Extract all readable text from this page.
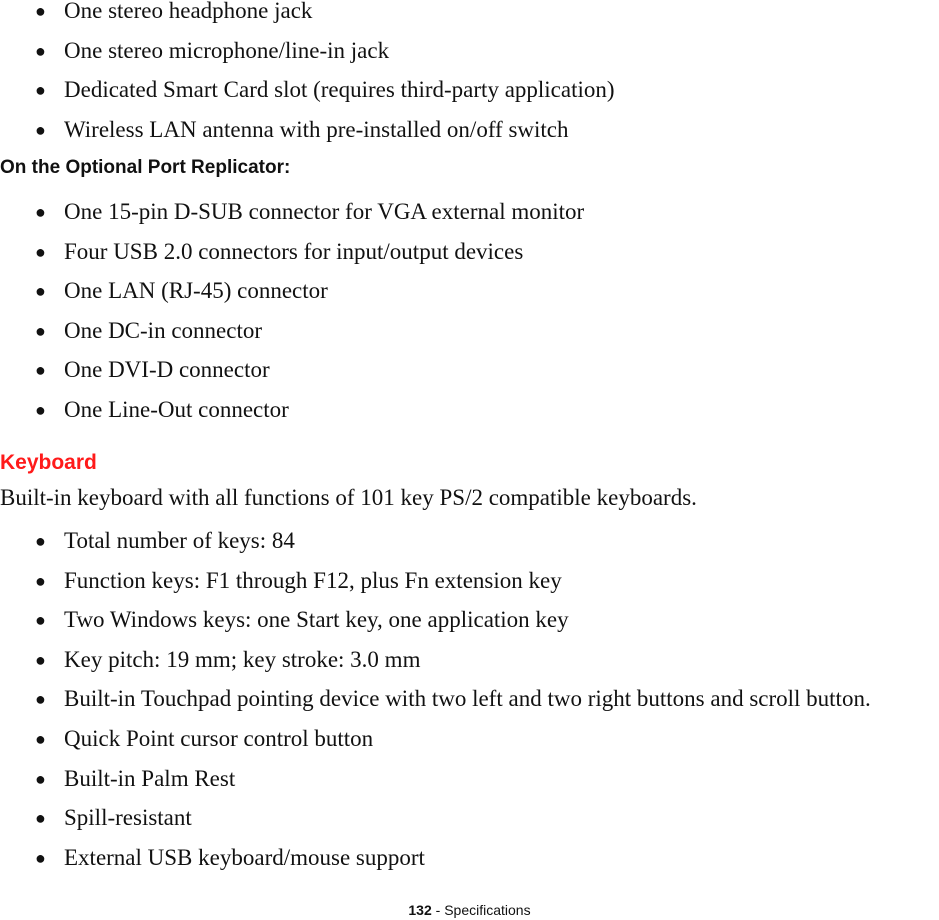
● One stereo headphone jack
● One stereo microphone/line-in jack
● Dedicated Smart Card slot (requires third-party application)
● Wireless LAN antenna with pre-installed on/off switch
On the Optional Port Replicator:
● One 15-pin D-SUB connector for VGA external monitor
● Four USB 2.0 connectors for input/output devices
● One LAN (RJ-45) connector
● One DC-in connector
● One DVI-D connector
● One Line-Out connector
Keyboard
Built-in keyboard with all functions of 101 key PS/2 compatible keyboards.
● Total number of keys: 84
● Function keys: F1 through F12, plus Fn extension key
● Two Windows keys: one Start key, one application key
● Key pitch: 19 mm; key stroke: 3.0 mm
● Built-in Touchpad pointing device with two left and two right buttons and scroll button.
● Quick Point cursor control button
● Built-in Palm Rest
● Spill-resistant
● External USB keyboard/mouse support
132 - Specifications
